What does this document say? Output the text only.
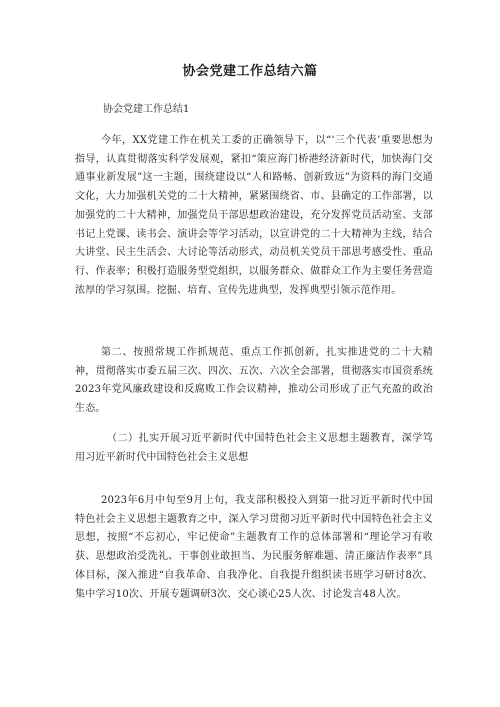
协会党建工作总结六篇
协会党建工作总结1
今年，XX党建工作在机关工委的正确领导下，以“‘三个代表’重要思想为指导，认真贯彻落实科学发展观，紧扣“策应海门桥港经济新时代，加快海门交通事业新发展”这一主题，围绕建设以“人和路畅、创新致远”为资料的海门交通文化，大力加强机关党的二十大精神，紧紧围绕省、市、县确定的工作部署，以加强党的二十大精神，加强党员干部思想政治建设，充分发挥党员活动室、支部书记上党课、读书会、演讲会等学习活动，以宣讲党的二十大精神为主线，结合大讲堂、民主生活会、大讨论等活动形式，动员机关党员干部思考感受性、重品行、作表率；积极打造服务型党组织，以服务群众、做群众工作为主要任务营造浓厚的学习氛围。挖掘、培育、宣传先进典型，发挥典型引领示范作用。
第二、按照常规工作抓规范、重点工作抓创新，扎实推进党的二十大精神，贯彻落实市委五届三次、四次、五次、六次全会部署，贯彻落实市国资系统2023年党风廉政建设和反腐败工作会议精神，推动公司形成了正气充盈的政治生态。
（二）扎实开展习近平新时代中国特色社会主义思想主题教育，深学笃用习近平新时代中国特色社会主义思想
2023年6月中旬至9月上旬，我支部积极投入到第一批习近平新时代中国特色社会主义思想主题教育之中，深入学习贯彻习近平新时代中国特色社会主义思想，按照“不忘初心，牢记使命”主题教育工作的总体部署和“理论学习有收获、思想政治受洗礼、干事创业敢担当、为民服务解难题、清正廉洁作表率”具体目标，深入推进“自我革命、自我净化、自我提升组织读书班学习研讨8次、集中学习10次、开展专题调研3次、交心谈心25人次、讨论发言48人次。
